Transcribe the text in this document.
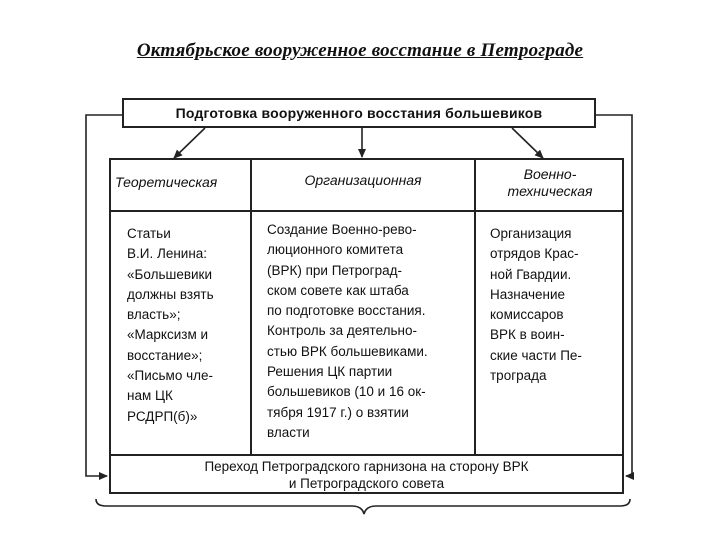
Октябрьское вооруженное восстание в Петрограде
Подготовка вооруженного восстания большевиков
Теоретическая	Организационная	Военно-
техническая
Статьи
В.И. Ленина:
«Большевики
должны взять
власть»;
«Марксизм и
восстание»;
«Письмо чле-
нам ЦК
РСДРП(б)»
Создание Военно-рево-
люционного комитета
(ВРК) при Петроград-
ском совете как штаба
по подготовке восстания.
Контроль за деятельно-
стью ВРК большевиками.
Решения ЦК партии
большевиков (10 и 16 ок-
тября 1917 г.) о взятии
власти
Организация
отрядов Крас-
ной Гвардии.
Назначение
комиссаров
ВРК в воин-
ские части Пе-
трограда
Переход Петроградского гарнизона на сторону ВРК
и Петроградского совета
